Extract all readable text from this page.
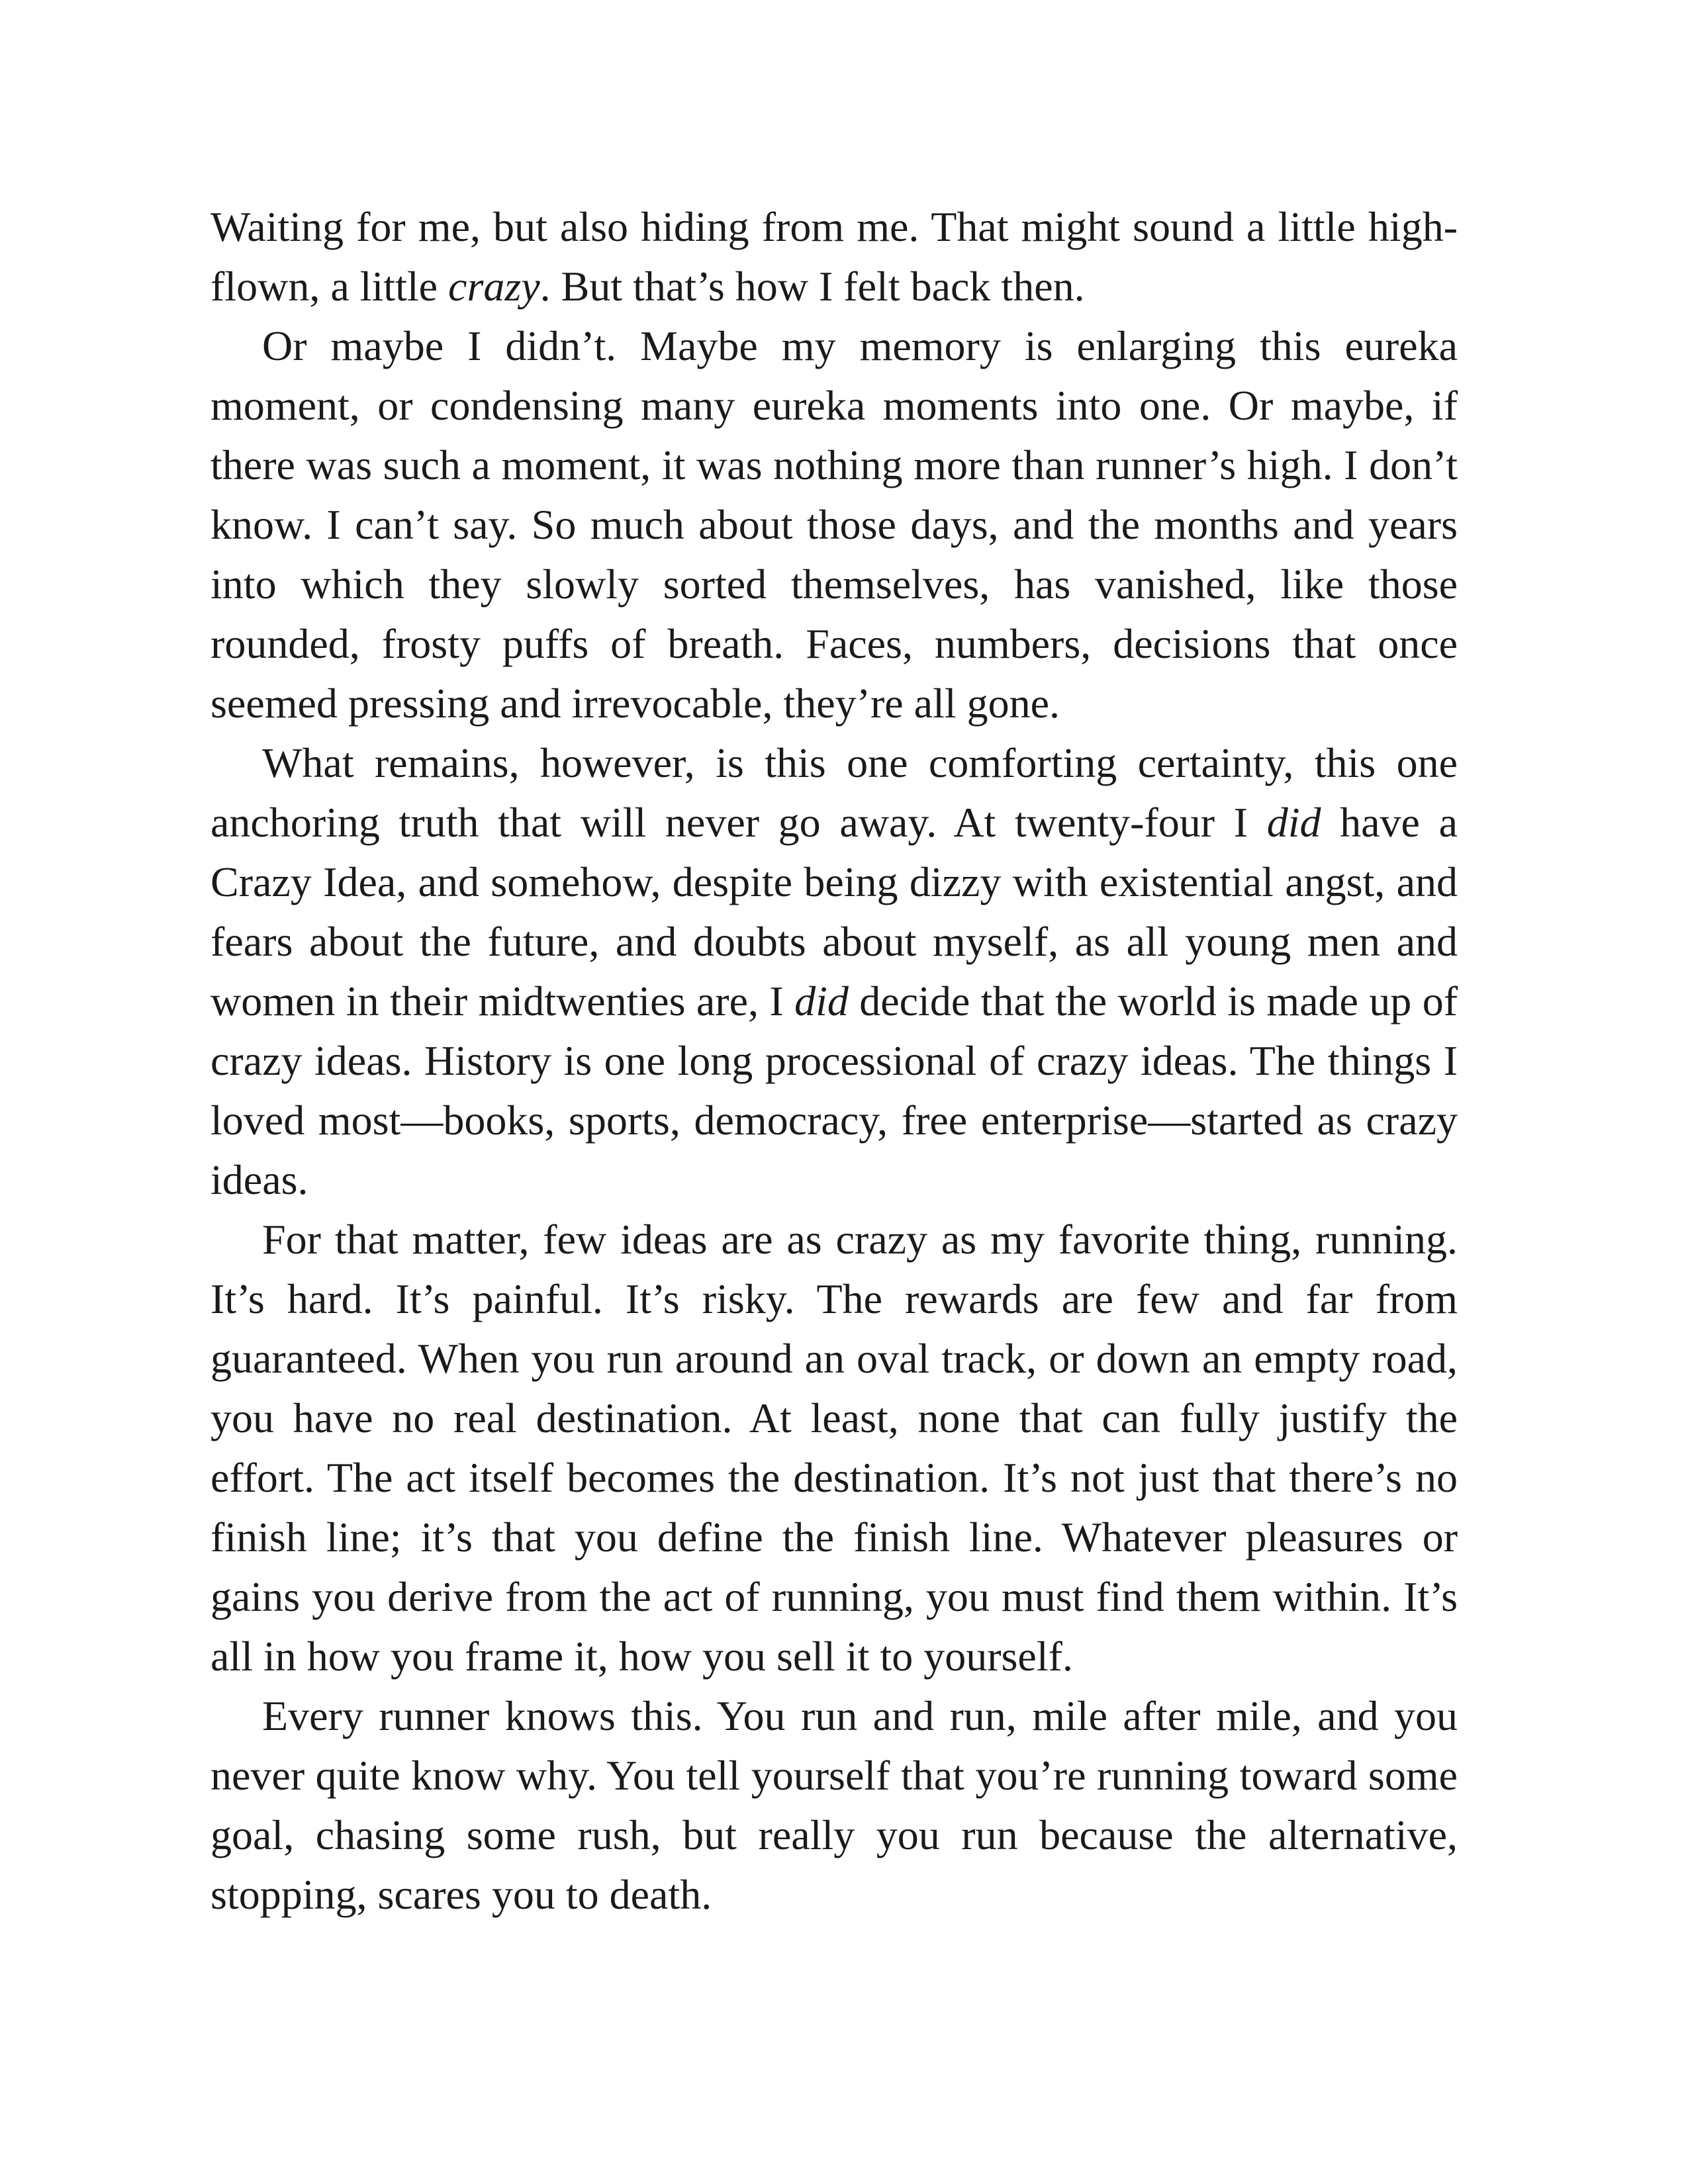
Waiting for me, but also hiding from me. That might sound a little high-flown, a little crazy. But that’s how I felt back then.

Or maybe I didn’t. Maybe my memory is enlarging this eureka moment, or condensing many eureka moments into one. Or maybe, if there was such a moment, it was nothing more than runner’s high. I don’t know. I can’t say. So much about those days, and the months and years into which they slowly sorted themselves, has vanished, like those rounded, frosty puffs of breath. Faces, numbers, decisions that once seemed pressing and irrevocable, they’re all gone.

What remains, however, is this one comforting certainty, this one anchoring truth that will never go away. At twenty-four I did have a Crazy Idea, and somehow, despite being dizzy with existential angst, and fears about the future, and doubts about myself, as all young men and women in their midtwenties are, I did decide that the world is made up of crazy ideas. History is one long processional of crazy ideas. The things I loved most—books, sports, democracy, free enterprise—started as crazy ideas.

For that matter, few ideas are as crazy as my favorite thing, running. It’s hard. It’s painful. It’s risky. The rewards are few and far from guaranteed. When you run around an oval track, or down an empty road, you have no real destination. At least, none that can fully justify the effort. The act itself becomes the destination. It’s not just that there’s no finish line; it’s that you define the finish line. Whatever pleasures or gains you derive from the act of running, you must find them within. It’s all in how you frame it, how you sell it to yourself.

Every runner knows this. You run and run, mile after mile, and you never quite know why. You tell yourself that you’re running toward some goal, chasing some rush, but really you run because the alternative, stopping, scares you to death.
